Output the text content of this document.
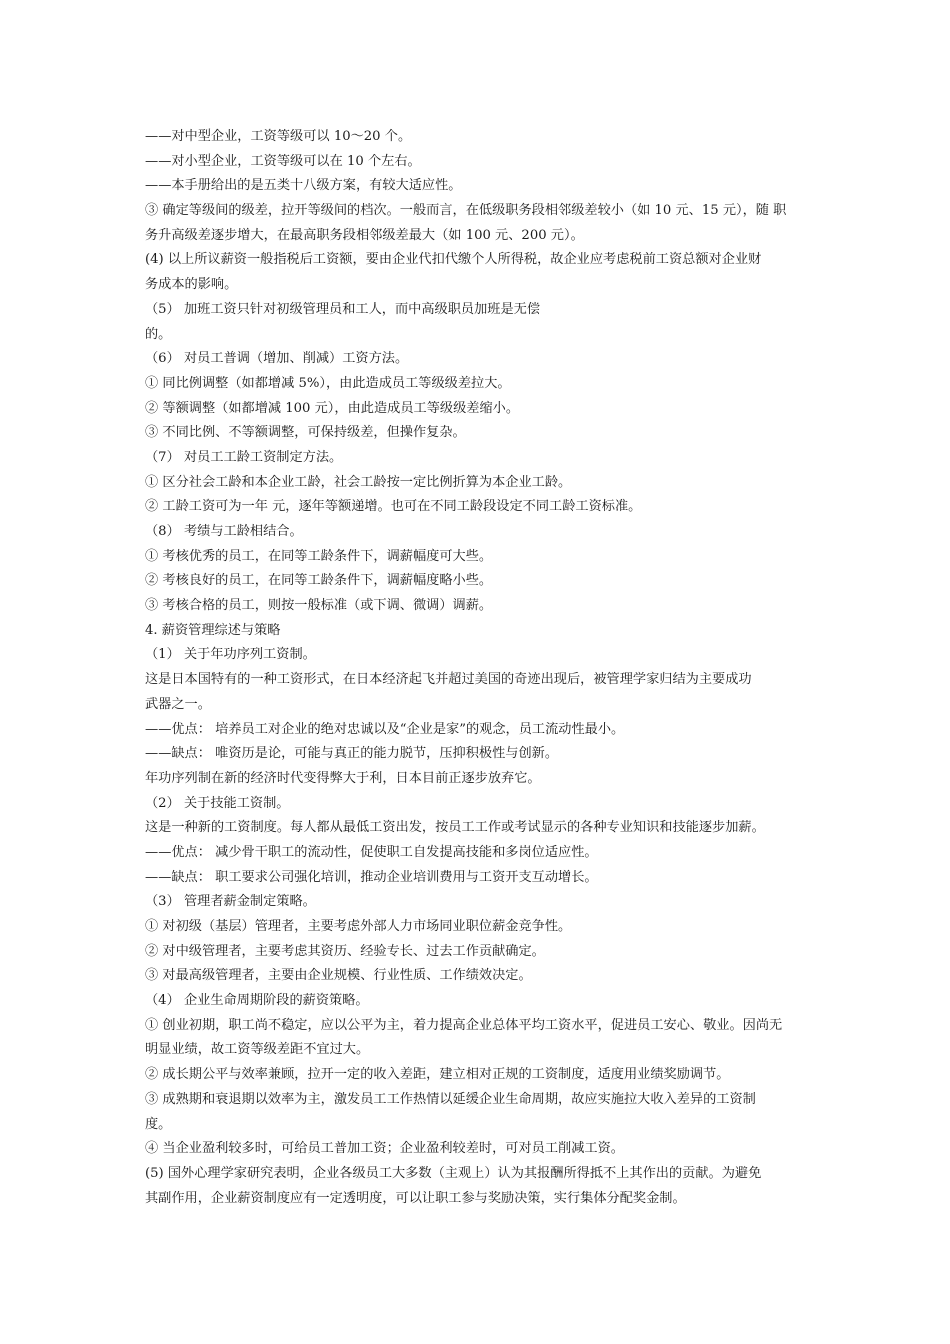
——对中型企业，工资等级可以 10～20 个。
——对小型企业，工资等级可以在 10 个左右。
——本手册给出的是五类十八级方案，有较大适应性。
③ 确定等级间的级差，拉开等级间的档次。一般而言，在低级职务段相邻级差较小（如 10 元、15 元），随 职
务升高级差逐步增大，在最高职务段相邻级差最大（如 100 元、200 元）。
(4) 以上所议薪资一般指税后工资额，要由企业代扣代缴个人所得税，故企业应考虑税前工资总额对企业财
务成本的影响。
（5） 加班工资只针对初级管理员和工人，而中高级职员加班是无偿
的。
（6） 对员工普调（增加、削减）工资方法。
① 同比例调整（如都增减 5%），由此造成员工等级级差拉大。
② 等额调整（如都增减 100 元），由此造成员工等级级差缩小。
③ 不同比例、不等额调整，可保持级差，但操作复杂。
（7） 对员工工龄工资制定方法。
① 区分社会工龄和本企业工龄，社会工龄按一定比例折算为本企业工龄。
② 工龄工资可为一年 元，逐年等额递增。也可在不同工龄段设定不同工龄工资标准。
（8） 考绩与工龄相结合。
① 考核优秀的员工，在同等工龄条件下，调薪幅度可大些。
② 考核良好的员工，在同等工龄条件下，调薪幅度略小些。
③ 考核合格的员工，则按一般标准（或下调、微调）调薪。
4. 薪资管理综述与策略
（1） 关于年功序列工资制。
这是日本国特有的一种工资形式，在日本经济起飞并超过美国的奇迹出现后，被管理学家归结为主要成功
武器之一。
——优点： 培养员工对企业的绝对忠诚以及“企业是家”的观念，员工流动性最小。
——缺点： 唯资历是论，可能与真正的能力脱节，压抑积极性与创新。
年功序列制在新的经济时代变得弊大于利，日本目前正逐步放弃它。
（2） 关于技能工资制。
这是一种新的工资制度。每人都从最低工资出发，按员工工作或考试显示的各种专业知识和技能逐步加薪。
——优点： 减少骨干职工的流动性，促使职工自发提高技能和多岗位适应性。
——缺点： 职工要求公司强化培训，推动企业培训费用与工资开支互动增长。
（3） 管理者薪金制定策略。
① 对初级（基层）管理者，主要考虑外部人力市场同业职位薪金竞争性。
② 对中级管理者，主要考虑其资历、经验专长、过去工作贡献确定。
③ 对最高级管理者，主要由企业规模、行业性质、工作绩效决定。
（4） 企业生命周期阶段的薪资策略。
① 创业初期，职工尚不稳定，应以公平为主，着力提高企业总体平均工资水平，促进员工安心、敬业。因尚无
明显业绩，故工资等级差距不宜过大。
② 成长期公平与效率兼顾，拉开一定的收入差距，建立相对正规的工资制度，适度用业绩奖励调节。
③ 成熟期和衰退期以效率为主，激发员工工作热情以延缓企业生命周期，故应实施拉大收入差异的工资制
度。
④ 当企业盈利较多时，可给员工普加工资；企业盈利较差时，可对员工削减工资。
(5) 国外心理学家研究表明，企业各级员工大多数（主观上）认为其报酬所得抵不上其作出的贡献。为避免
其副作用，企业薪资制度应有一定透明度，可以让职工参与奖励决策，实行集体分配奖金制。
